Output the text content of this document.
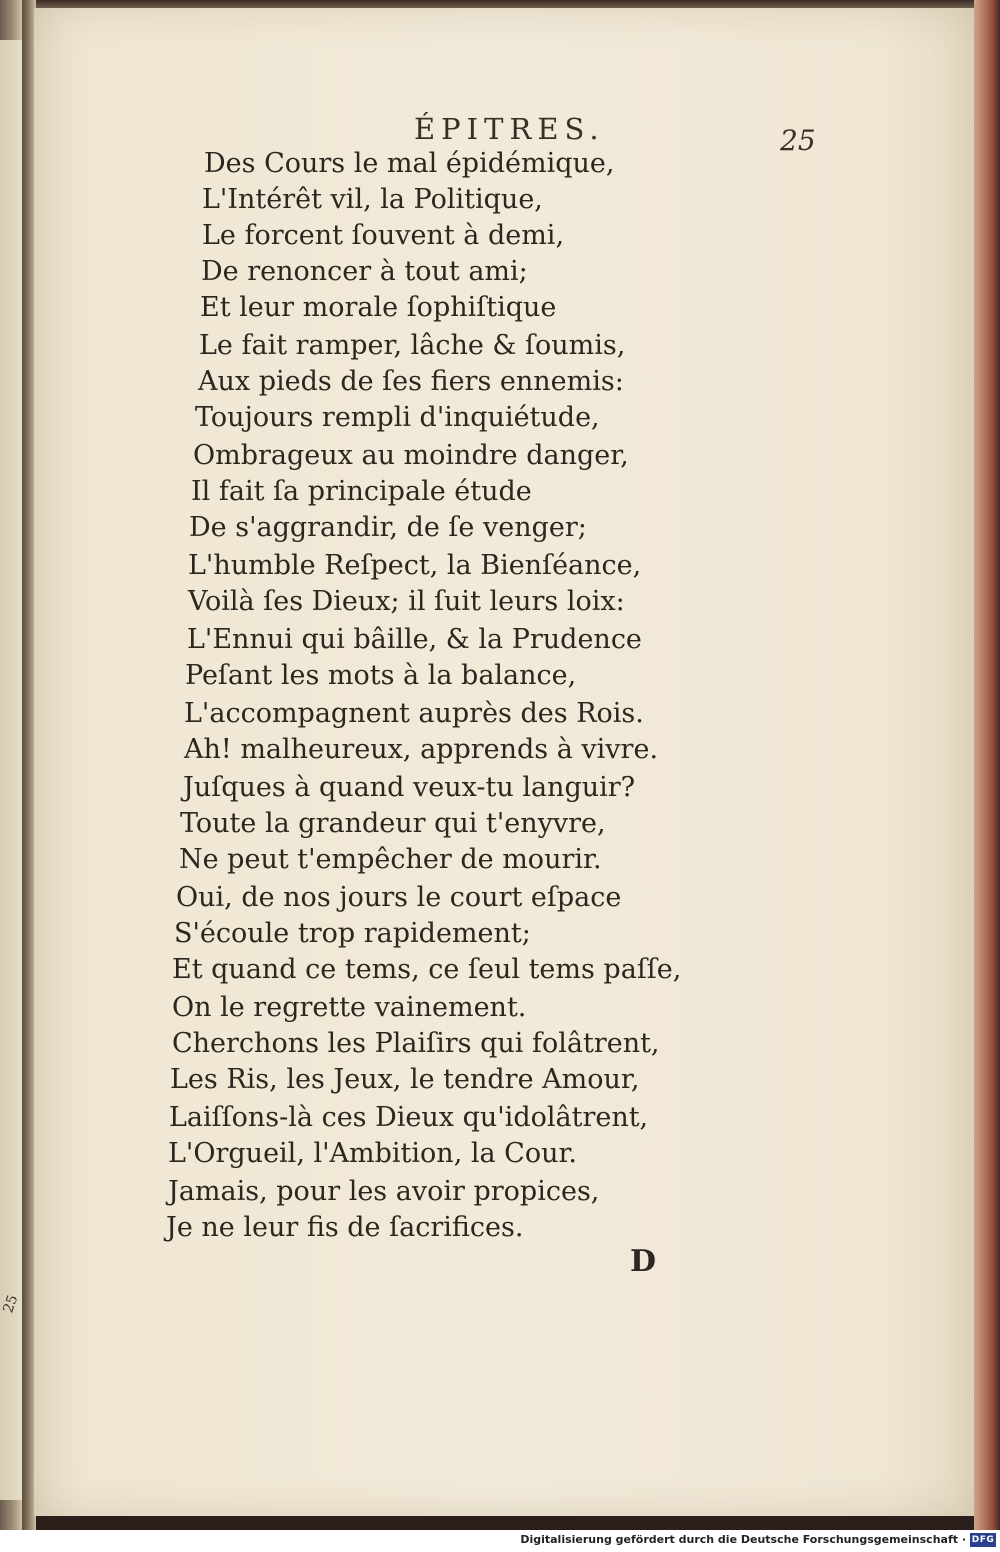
ÉPITRES.	25
Des Cours le mal épidémique,
L'Intérêt vil, la Politique,
Le forcent ſouvent à demi,
De renoncer à tout ami;
Et leur morale ſophiſtique
Le fait ramper, lâche & ſoumis,
Aux pieds de ſes fiers ennemis:
Toujours rempli d'inquiétude,
Ombrageux au moindre danger,
Il fait ſa principale étude
De s'aggrandir, de ſe venger;
L'humble Reſpect, la Bienſéance,
Voilà ſes Dieux; il ſuit leurs loix:
L'Ennui qui bâille, & la Prudence
Peſant les mots à la balance,
L'accompagnent auprès des Rois.
Ah! malheureux, apprends à vivre.
Juſques à quand veux-tu languir?
Toute la grandeur qui t'enyvre,
Ne peut t'empêcher de mourir.
Oui, de nos jours le court eſpace
S'écoule trop rapidement;
Et quand ce tems, ce ſeul tems paſſe,
On le regrette vainement.
Cherchons les Plaiſirs qui folâtrent,
Les Ris, les Jeux, le tendre Amour,
Laiſſons-là ces Dieux qu'idolâtrent,
L'Orgueil, l'Ambition, la Cour.
Jamais, pour les avoir propices,
Je ne leur fis de ſacrifices.
D
25
Digitalisierung gefördert durch die Deutsche Forschungsgemeinschaft · DFG
